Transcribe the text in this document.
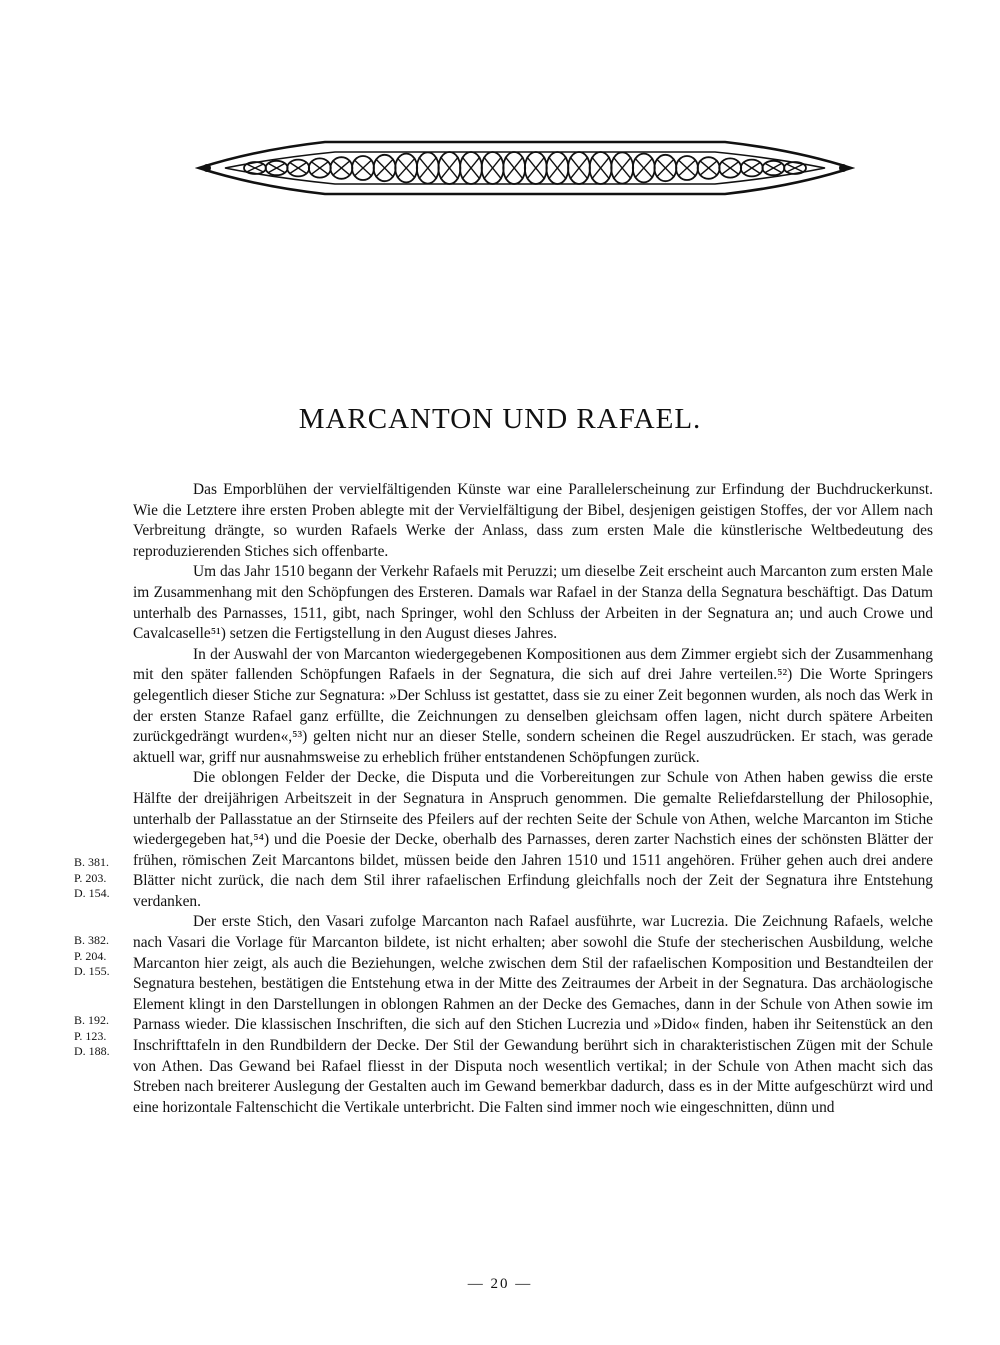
MARCANTON UND RAFAEL.

Das Emporblühen der vervielfältigenden Künste war eine Parallelerscheinung zur Erfindung der Buchdruckerkunst. Wie die Letztere ihre ersten Proben ablegte mit der Vervielfältigung der Bibel, desjenigen geistigen Stoffes, der vor Allem nach Verbreitung drängte, so wurden Rafaels Werke der Anlass, dass zum ersten Male die künstlerische Weltbedeutung des reproduzierenden Stiches sich offenbarte.

Um das Jahr 1510 begann der Verkehr Rafaels mit Peruzzi; um dieselbe Zeit erscheint auch Marcanton zum ersten Male im Zusammenhang mit den Schöpfungen des Ersteren. Damals war Rafael in der Stanza della Segnatura beschäftigt. Das Datum unterhalb des Parnasses, 1511, gibt, nach Springer, wohl den Schluss der Arbeiten in der Segnatura an; und auch Crowe und Cavalcaselle⁵¹) setzen die Fertigstellung in den August dieses Jahres.

In der Auswahl der von Marcanton wiedergegebenen Kompositionen aus dem Zimmer ergiebt sich der Zusammenhang mit den später fallenden Schöpfungen Rafaels in der Segnatura, die sich auf drei Jahre verteilen.⁵²) Die Worte Springers gelegentlich dieser Stiche zur Segnatura: »Der Schluss ist gestattet, dass sie zu einer Zeit begonnen wurden, als noch das Werk in der ersten Stanze Rafael ganz erfüllte, die Zeichnungen zu denselben gleichsam offen lagen, nicht durch spätere Arbeiten zurückgedrängt wurden«,⁵³) gelten nicht nur an dieser Stelle, sondern scheinen die Regel auszudrücken. Er stach, was gerade aktuell war, griff nur ausnahmsweise zu erheblich früher entstandenen Schöpfungen zurück.

Die oblongen Felder der Decke, die Disputa und die Vorbereitungen zur Schule von Athen haben gewiss die erste Hälfte der dreijährigen Arbeitszeit in der Segnatura in Anspruch genommen. Die gemalte Reliefdarstellung der Philosophie, unterhalb der Pallasstatue an der Stirnseite des Pfeilers auf der rechten Seite der Schule von Athen, welche Marcanton im Stiche wiedergegeben hat,⁵⁴) und die Poesie der Decke, oberhalb des Parnasses, deren zarter Nachstich eines der schönsten Blätter der frühen, römischen Zeit Marcantons bildet, müssen beide den Jahren 1510 und 1511 angehören. Früher gehen auch drei andere Blätter nicht zurück, die nach dem Stil ihrer rafaelischen Erfindung gleichfalls noch der Zeit der Segnatura ihre Entstehung verdanken.

Der erste Stich, den Vasari zufolge Marcanton nach Rafael ausführte, war Lucrezia. Die Zeichnung Rafaels, welche nach Vasari die Vorlage für Marcanton bildete, ist nicht erhalten; aber sowohl die Stufe der stecherischen Ausbildung, welche Marcanton hier zeigt, als auch die Beziehungen, welche zwischen dem Stil der rafaelischen Komposition und Bestandteilen der Segnatura bestehen, bestätigen die Entstehung etwa in der Mitte des Zeitraumes der Arbeit in der Segnatura. Das archäologische Element klingt in den Darstellungen in oblongen Rahmen an der Decke des Gemaches, dann in der Schule von Athen sowie im Parnass wieder. Die klassischen Inschriften, die sich auf den Stichen Lucrezia und »Dido« finden, haben ihr Seitenstück an den Inschrifttafeln in den Rundbildern der Decke. Der Stil der Gewandung berührt sich in charakteristischen Zügen mit der Schule von Athen. Das Gewand bei Rafael fliesst in der Disputa noch wesentlich vertikal; in der Schule von Athen macht sich das Streben nach breiterer Auslegung der Gestalten auch im Gewand bemerkbar dadurch, dass es in der Mitte aufgeschürzt wird und eine horizontale Faltenschicht die Vertikale unterbricht. Die Falten sind immer noch wie eingeschnitten, dünn und

B. 381.
P. 203.
D. 154.
B. 382.
P. 204.
D. 155.
B. 192.
P. 123.
D. 188.
— 20 —
